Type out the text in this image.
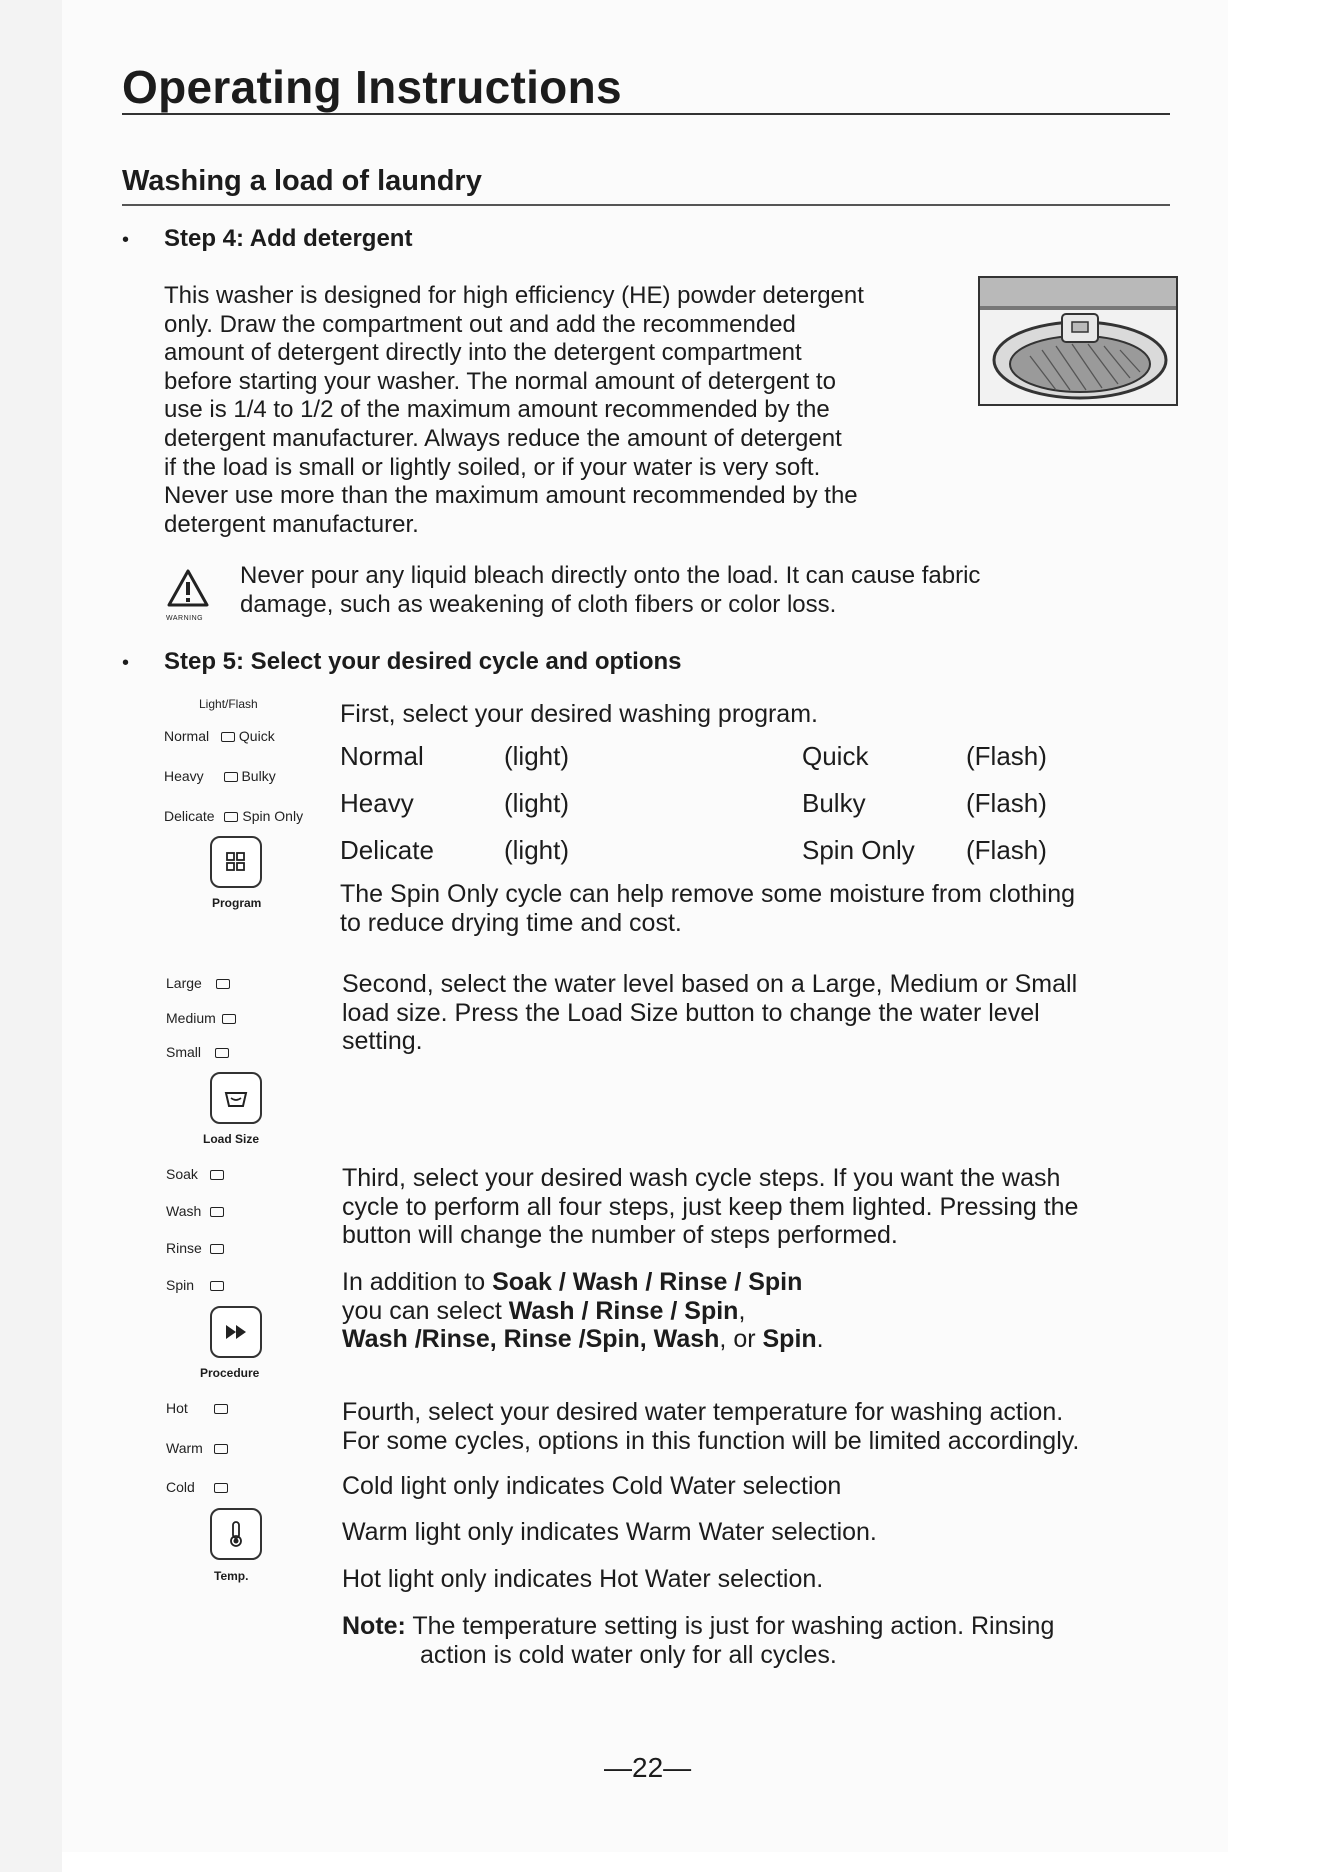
Operating Instructions
Washing a load of laundry
• Step 4: Add detergent
This washer is designed for high efficiency (HE) powder detergent
only. Draw the compartment out and add the recommended
amount of detergent directly into the detergent compartment
before starting your washer. The normal amount of detergent to
use is 1/4 to 1/2 of the maximum amount recommended by the
detergent manufacturer. Always reduce the amount of detergent
if the load is small or lightly soiled, or if your water is very soft.
Never use more than the maximum amount recommended by the
detergent manufacturer.
WARNING
Never pour any liquid bleach directly onto the load. It can cause fabric
damage, such as weakening of cloth fibers or color loss.
• Step 5: Select your desired cycle and options
Light/Flash
Normal Quick
Heavy	Bulky
Delicate Spin Only
Program
First, select your desired washing program.
Normal	(light)	Quick	(Flash)
Heavy	(light)	Bulky	(Flash)
Delicate	(light)	Spin Only (Flash)
The Spin Only cycle can help remove some moisture from clothing
to reduce drying time and cost.
Large
Medium
Small
Load Size
Second, select the water level based on a Large, Medium or Small
load size. Press the Load Size button to change the water level
setting.
Soak
Wash
Rinse
Spin
Procedure
Third, select your desired wash cycle steps. If you want the wash
cycle to perform all four steps, just keep them lighted. Pressing the
button will change the number of steps performed.
In addition to Soak / Wash / Rinse / Spin
you can select Wash / Rinse / Spin,
Wash /Rinse, Rinse /Spin, Wash, or Spin.
Hot
Warm
Cold
Temp.
Fourth, select your desired water temperature for washing action.
For some cycles, options in this function will be limited accordingly.
Cold light only indicates Cold Water selection
Warm light only indicates Warm Water selection.
Hot light only indicates Hot Water selection.
Note: The temperature setting is just for washing action. Rinsing
action is cold water only for all cycles.
—22—
